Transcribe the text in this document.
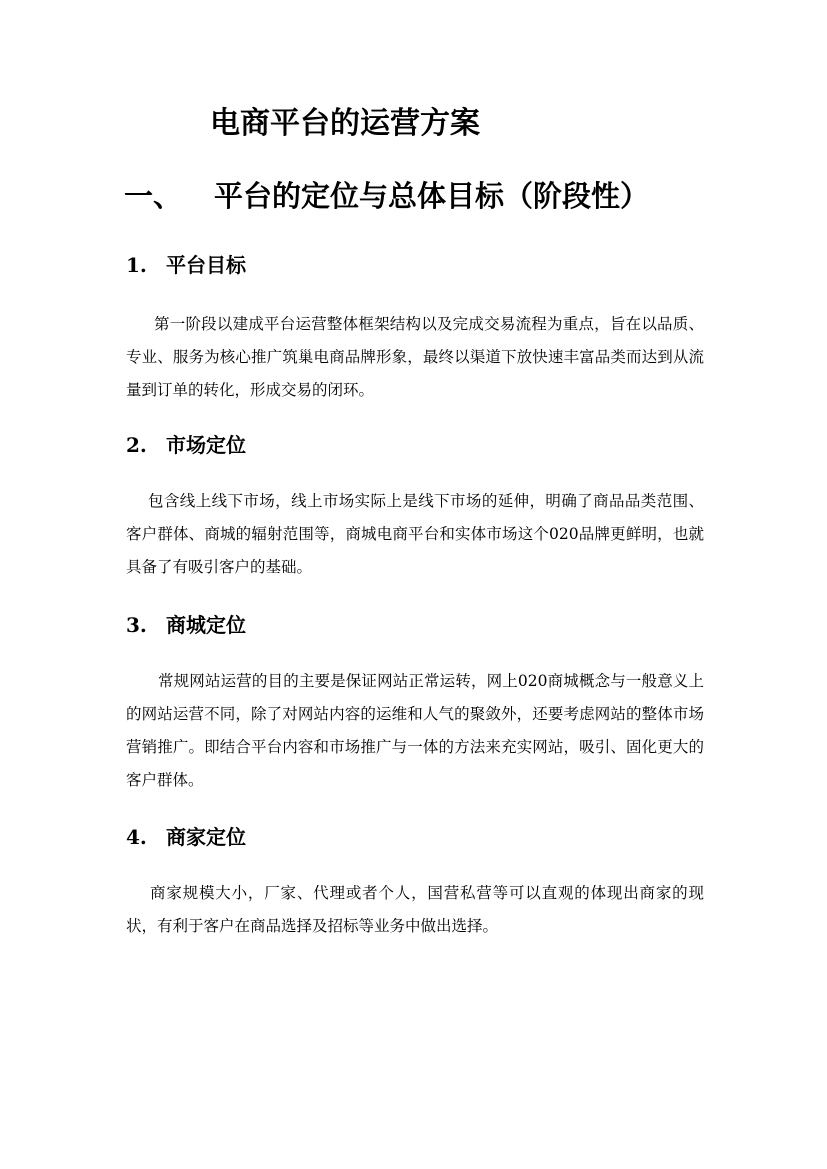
电商平台的运营方案
一、 平台的定位与总体目标（阶段性）
1. 平台目标

第一阶段以建成平台运营整体框架结构以及完成交易流程为重点，旨在以品质、专业、服务为核心推广筑巢电商品牌形象，最终以渠道下放快速丰富品类而达到从流量到订单的转化，形成交易的闭环。

2. 市场定位

包含线上线下市场，线上市场实际上是线下市场的延伸，明确了商品品类范围、客户群体、商城的辐射范围等，商城电商平台和实体市场这个020品牌更鲜明，也就具备了有吸引客户的基础。

3. 商城定位

常规网站运营的目的主要是保证网站正常运转，网上020商城概念与一般意义上的网站运营不同，除了对网站内容的运维和人气的聚敛外，还要考虑网站的整体市场营销推广。即结合平台内容和市场推广与一体的方法来充实网站，吸引、固化更大的客户群体。

4. 商家定位

商家规模大小，厂家、代理或者个人，国营私营等可以直观的体现出商家的现状，有利于客户在商品选择及招标等业务中做出选择。
